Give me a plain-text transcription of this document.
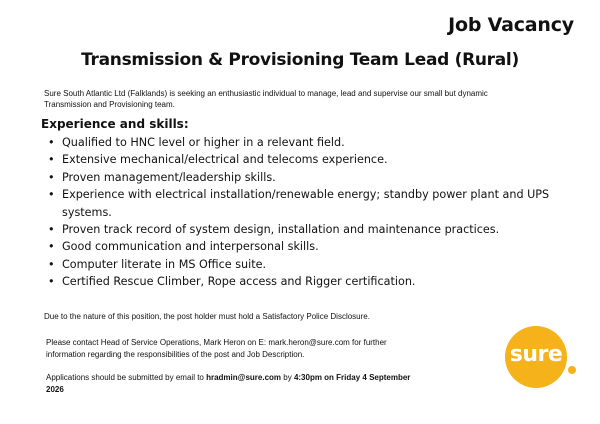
Job Vacancy
Transmission & Provisioning Team Lead (Rural)
Sure South Atlantic Ltd (Falklands) is seeking an enthusiastic individual to manage, lead and supervise our small but dynamic
Transmission and Provisioning team.
Experience and skills:
• Qualified to HNC level or higher in a relevant field.
• Extensive mechanical/electrical and telecoms experience.
• Proven management/leadership skills.
• Experience with electrical installation/renewable energy; standby power plant and UPS systems.
• Proven track record of system design, installation and maintenance practices.
• Good communication and interpersonal skills.
• Computer literate in MS Office suite.
• Certified Rescue Climber, Rope access and Rigger certification.
Due to the nature of this position, the post holder must hold a Satisfactory Police Disclosure.
Please contact Head of Service Operations, Mark Heron on E: mark.heron@sure.com for further
information regarding the responsibilities of the post and Job Description.
Applications should be submitted by email to hradmin@sure.com by 4:30pm on Friday 4 September
2026
sure
